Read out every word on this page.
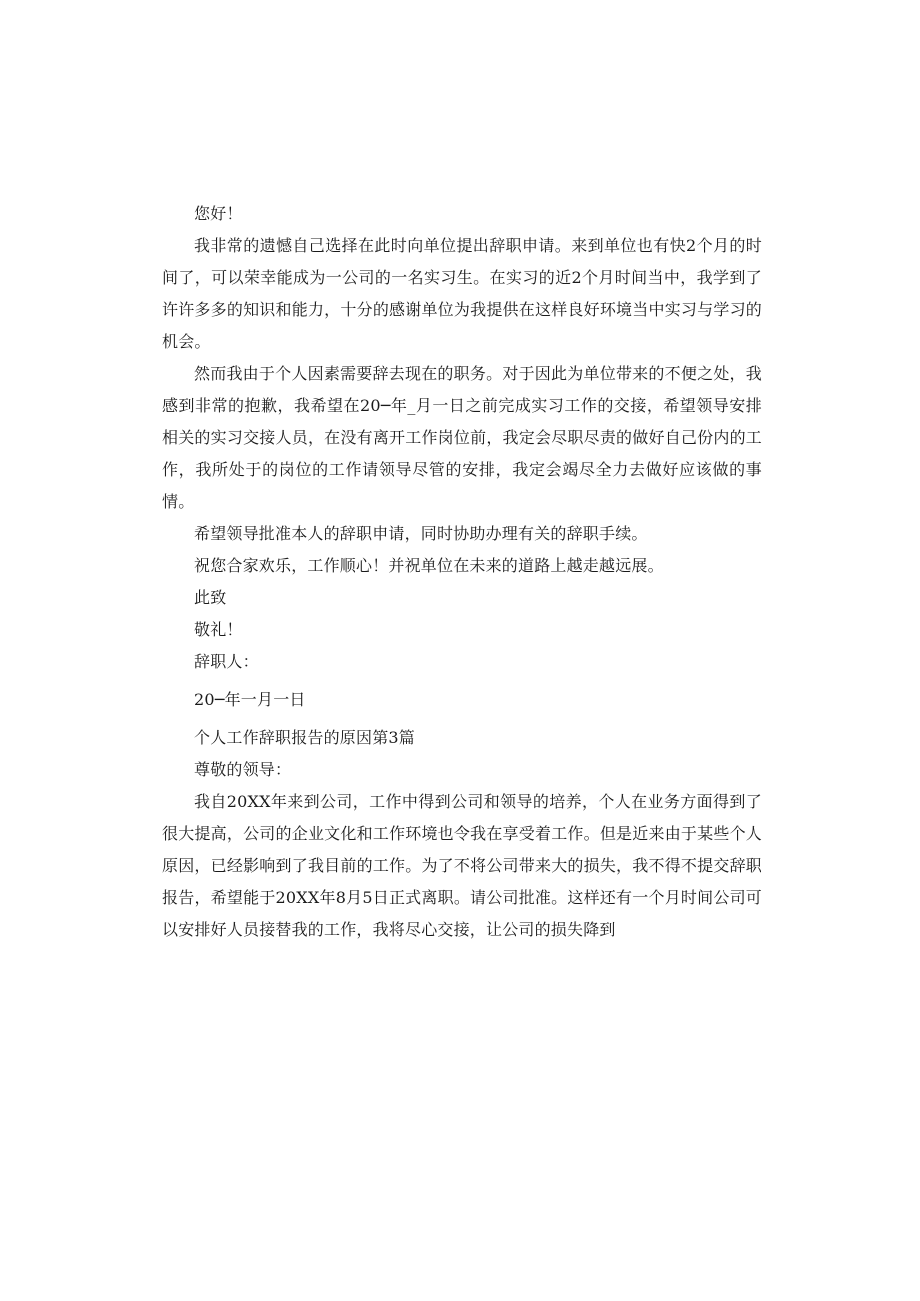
您好！

我非常的遗憾自己选择在此时向单位提出辞职申请。来到单位也有快2个月的时间了，可以荣幸能成为一公司的一名实习生。在实习的近2个月时间当中，我学到了许许多多的知识和能力，十分的感谢单位为我提供在这样良好环境当中实习与学习的机会。

然而我由于个人因素需要辞去现在的职务。对于因此为单位带来的不便之处，我感到非常的抱歉，我希望在20─年_月一日之前完成实习工作的交接，希望领导安排相关的实习交接人员，在没有离开工作岗位前，我定会尽职尽责的做好自己份内的工作，我所处于的岗位的工作请领导尽管的安排，我定会竭尽全力去做好应该做的事情。

希望领导批准本人的辞职申请，同时协助办理有关的辞职手续。

祝您合家欢乐，工作顺心！并祝单位在未来的道路上越走越远展。

此致

敬礼！

辞职人：

20─年一月一日

个人工作辞职报告的原因第3篇

尊敬的领导：

我自20XX年来到公司，工作中得到公司和领导的培养，个人在业务方面得到了很大提高，公司的企业文化和工作环境也令我在享受着工作。但是近来由于某些个人原因，已经影响到了我目前的工作。为了不将公司带来大的损失，我不得不提交辞职报告，希望能于20XX年8月5日正式离职。请公司批准。这样还有一个月时间公司可以安排好人员接替我的工作，我将尽心交接，让公司的损失降到
